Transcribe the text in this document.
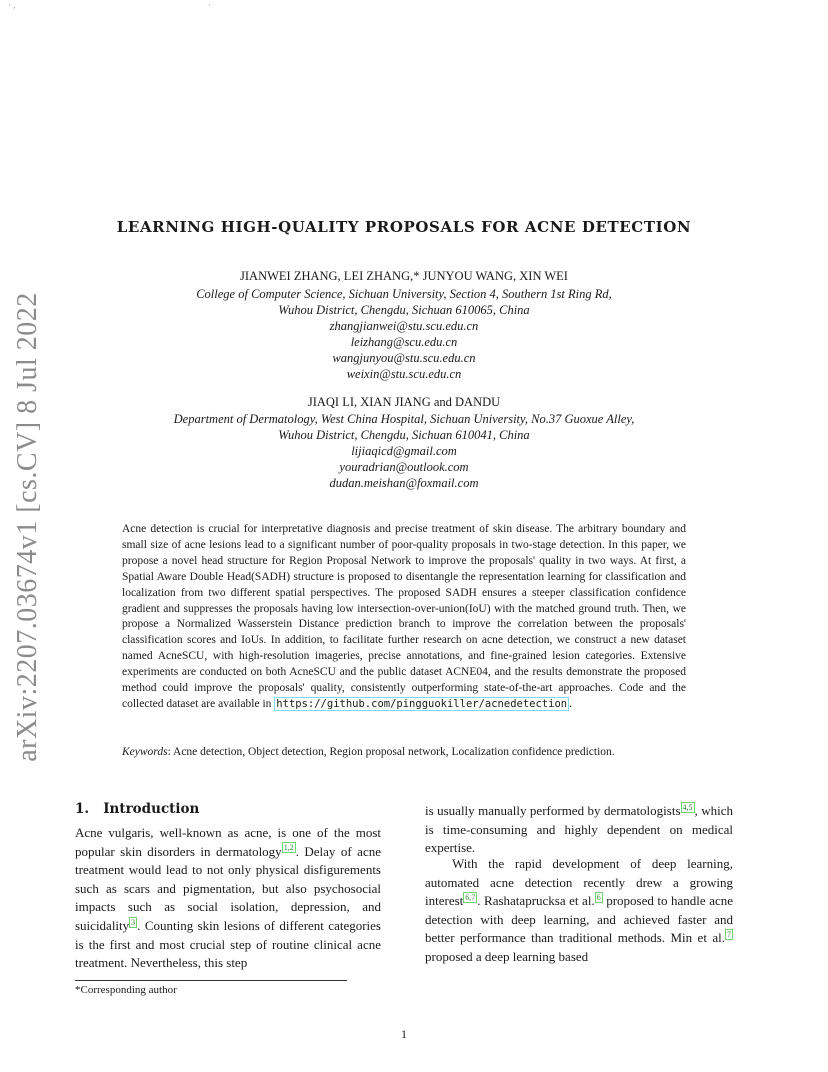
· ,	·
arXiv:2207.03674v1 [cs.CV] 8 Jul 2022
LEARNING HIGH-QUALITY PROPOSALS FOR ACNE DETECTION
JIANWEI ZHANG, LEI ZHANG,* JUNYOU WANG, XIN WEI
College of Computer Science, Sichuan University, Section 4, Southern 1st Ring Rd,
Wuhou District, Chengdu, Sichuan 610065, China
zhangjianwei@stu.scu.edu.cn
leizhang@scu.edu.cn
wangjunyou@stu.scu.edu.cn
weixin@stu.scu.edu.cn
JIAQI LI, XIAN JIANG and DANDU
Department of Dermatology, West China Hospital, Sichuan University, No.37 Guoxue Alley,
Wuhou District, Chengdu, Sichuan 610041, China
lijiaqicd@gmail.com
youradrian@outlook.com
dudan.meishan@foxmail.com
Acne detection is crucial for interpretative diagnosis and precise treatment of skin disease. The arbitrary boundary and small size of acne lesions lead to a significant number of poor-quality proposals in two-stage detection. In this paper, we propose a novel head structure for Region Proposal Network to improve the proposals' quality in two ways. At first, a Spatial Aware Double Head(SADH) structure is proposed to disentangle the representation learning for classification and localization from two different spatial perspectives. The proposed SADH ensures a steeper classification confidence gradient and suppresses the proposals having low intersection-over-union(IoU) with the matched ground truth. Then, we propose a Normalized Wasserstein Distance prediction branch to improve the correlation between the proposals' classification scores and IoUs. In addition, to facilitate further research on acne detection, we construct a new dataset named AcneSCU, with high-resolution imageries, precise annotations, and fine-grained lesion categories. Extensive experiments are conducted on both AcneSCU and the public dataset ACNE04, and the results demonstrate the proposed method could improve the proposals' quality, consistently outperforming state-of-the-art approaches. Code and the collected dataset are available in https://github.com/pingguokiller/acnedetection .
Keywords: Acne detection, Object detection, Region proposal network, Localization confidence prediction.
1. Introduction
Acne vulgaris, well-known as acne, is one of the most popular skin disorders in dermatology $^{1,2}$ . Delay of acne treatment would lead to not only physical disfigurements such as scars and pigmentation, but also psychosocial impacts such as social isolation, depression, and suicidality $^3$ . Counting skin lesions of different categories is the first and most crucial step of routine clinical acne treatment. Nevertheless, this step
is usually manually performed by dermatologists $^{4,5}$ , which is time-consuming and highly dependent on medical expertise.
With the rapid development of deep learning, automated acne detection recently drew a growing interest $^{6,7}$ . Rashataprucksa et al. $^6$ proposed to handle acne detection with deep learning, and achieved faster and better performance than traditional methods. Min et al. $^7$ proposed a deep learning based
*Corresponding author
1
